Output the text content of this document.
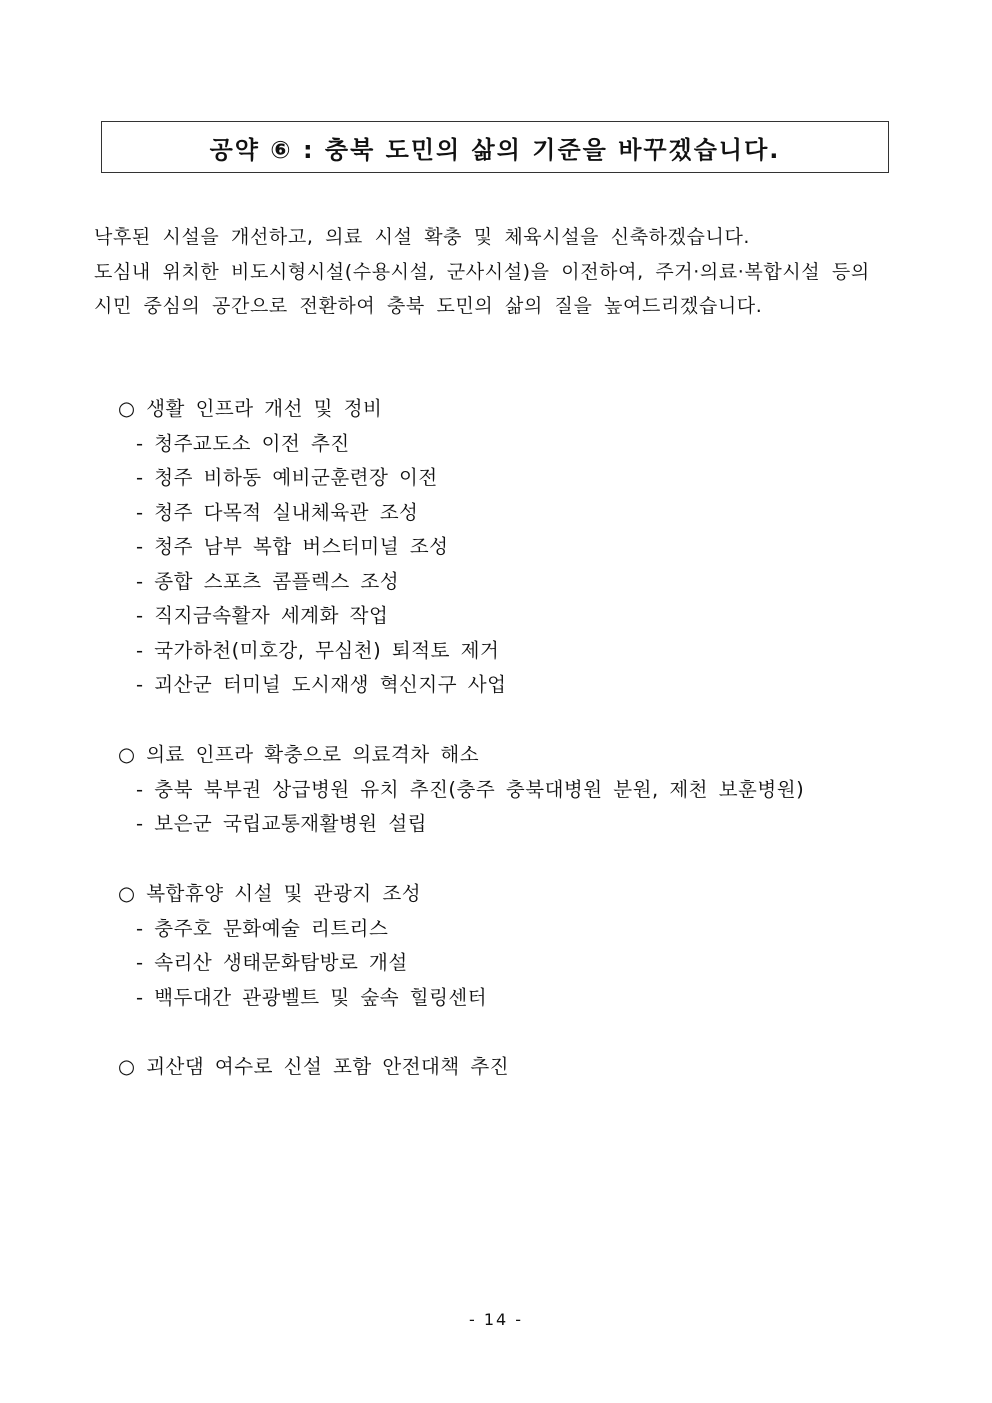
공약 ⑥ : 충북 도민의 삶의 기준을 바꾸겠습니다.

낙후된 시설을 개선하고, 의료 시설 확충 및 체육시설을 신축하겠습니다.

도심내 위치한 비도시형시설(수용시설, 군사시설)을 이전하여, 주거·의료·복합시설 등의

시민 중심의 공간으로 전환하여 충북 도민의 삶의 질을 높여드리겠습니다.

○ 생활 인프라 개선 및 정비
- 청주교도소 이전 추진
- 청주 비하동 예비군훈련장 이전
- 청주 다목적 실내체육관 조성
- 청주 남부 복합 버스터미널 조성
- 종합 스포츠 콤플렉스 조성
- 직지금속활자 세계화 작업
- 국가하천(미호강, 무심천) 퇴적토 제거
- 괴산군 터미널 도시재생 혁신지구 사업
○ 의료 인프라 확충으로 의료격차 해소
- 충북 북부권 상급병원 유치 추진(충주 충북대병원 분원, 제천 보훈병원)
- 보은군 국립교통재활병원 설립
○ 복합휴양 시설 및 관광지 조성
- 충주호 문화예술 리트리스
- 속리산 생태문화탐방로 개설
- 백두대간 관광벨트 및 숲속 힐링센터
○ 괴산댐 여수로 신설 포함 안전대책 추진
- 14 -
